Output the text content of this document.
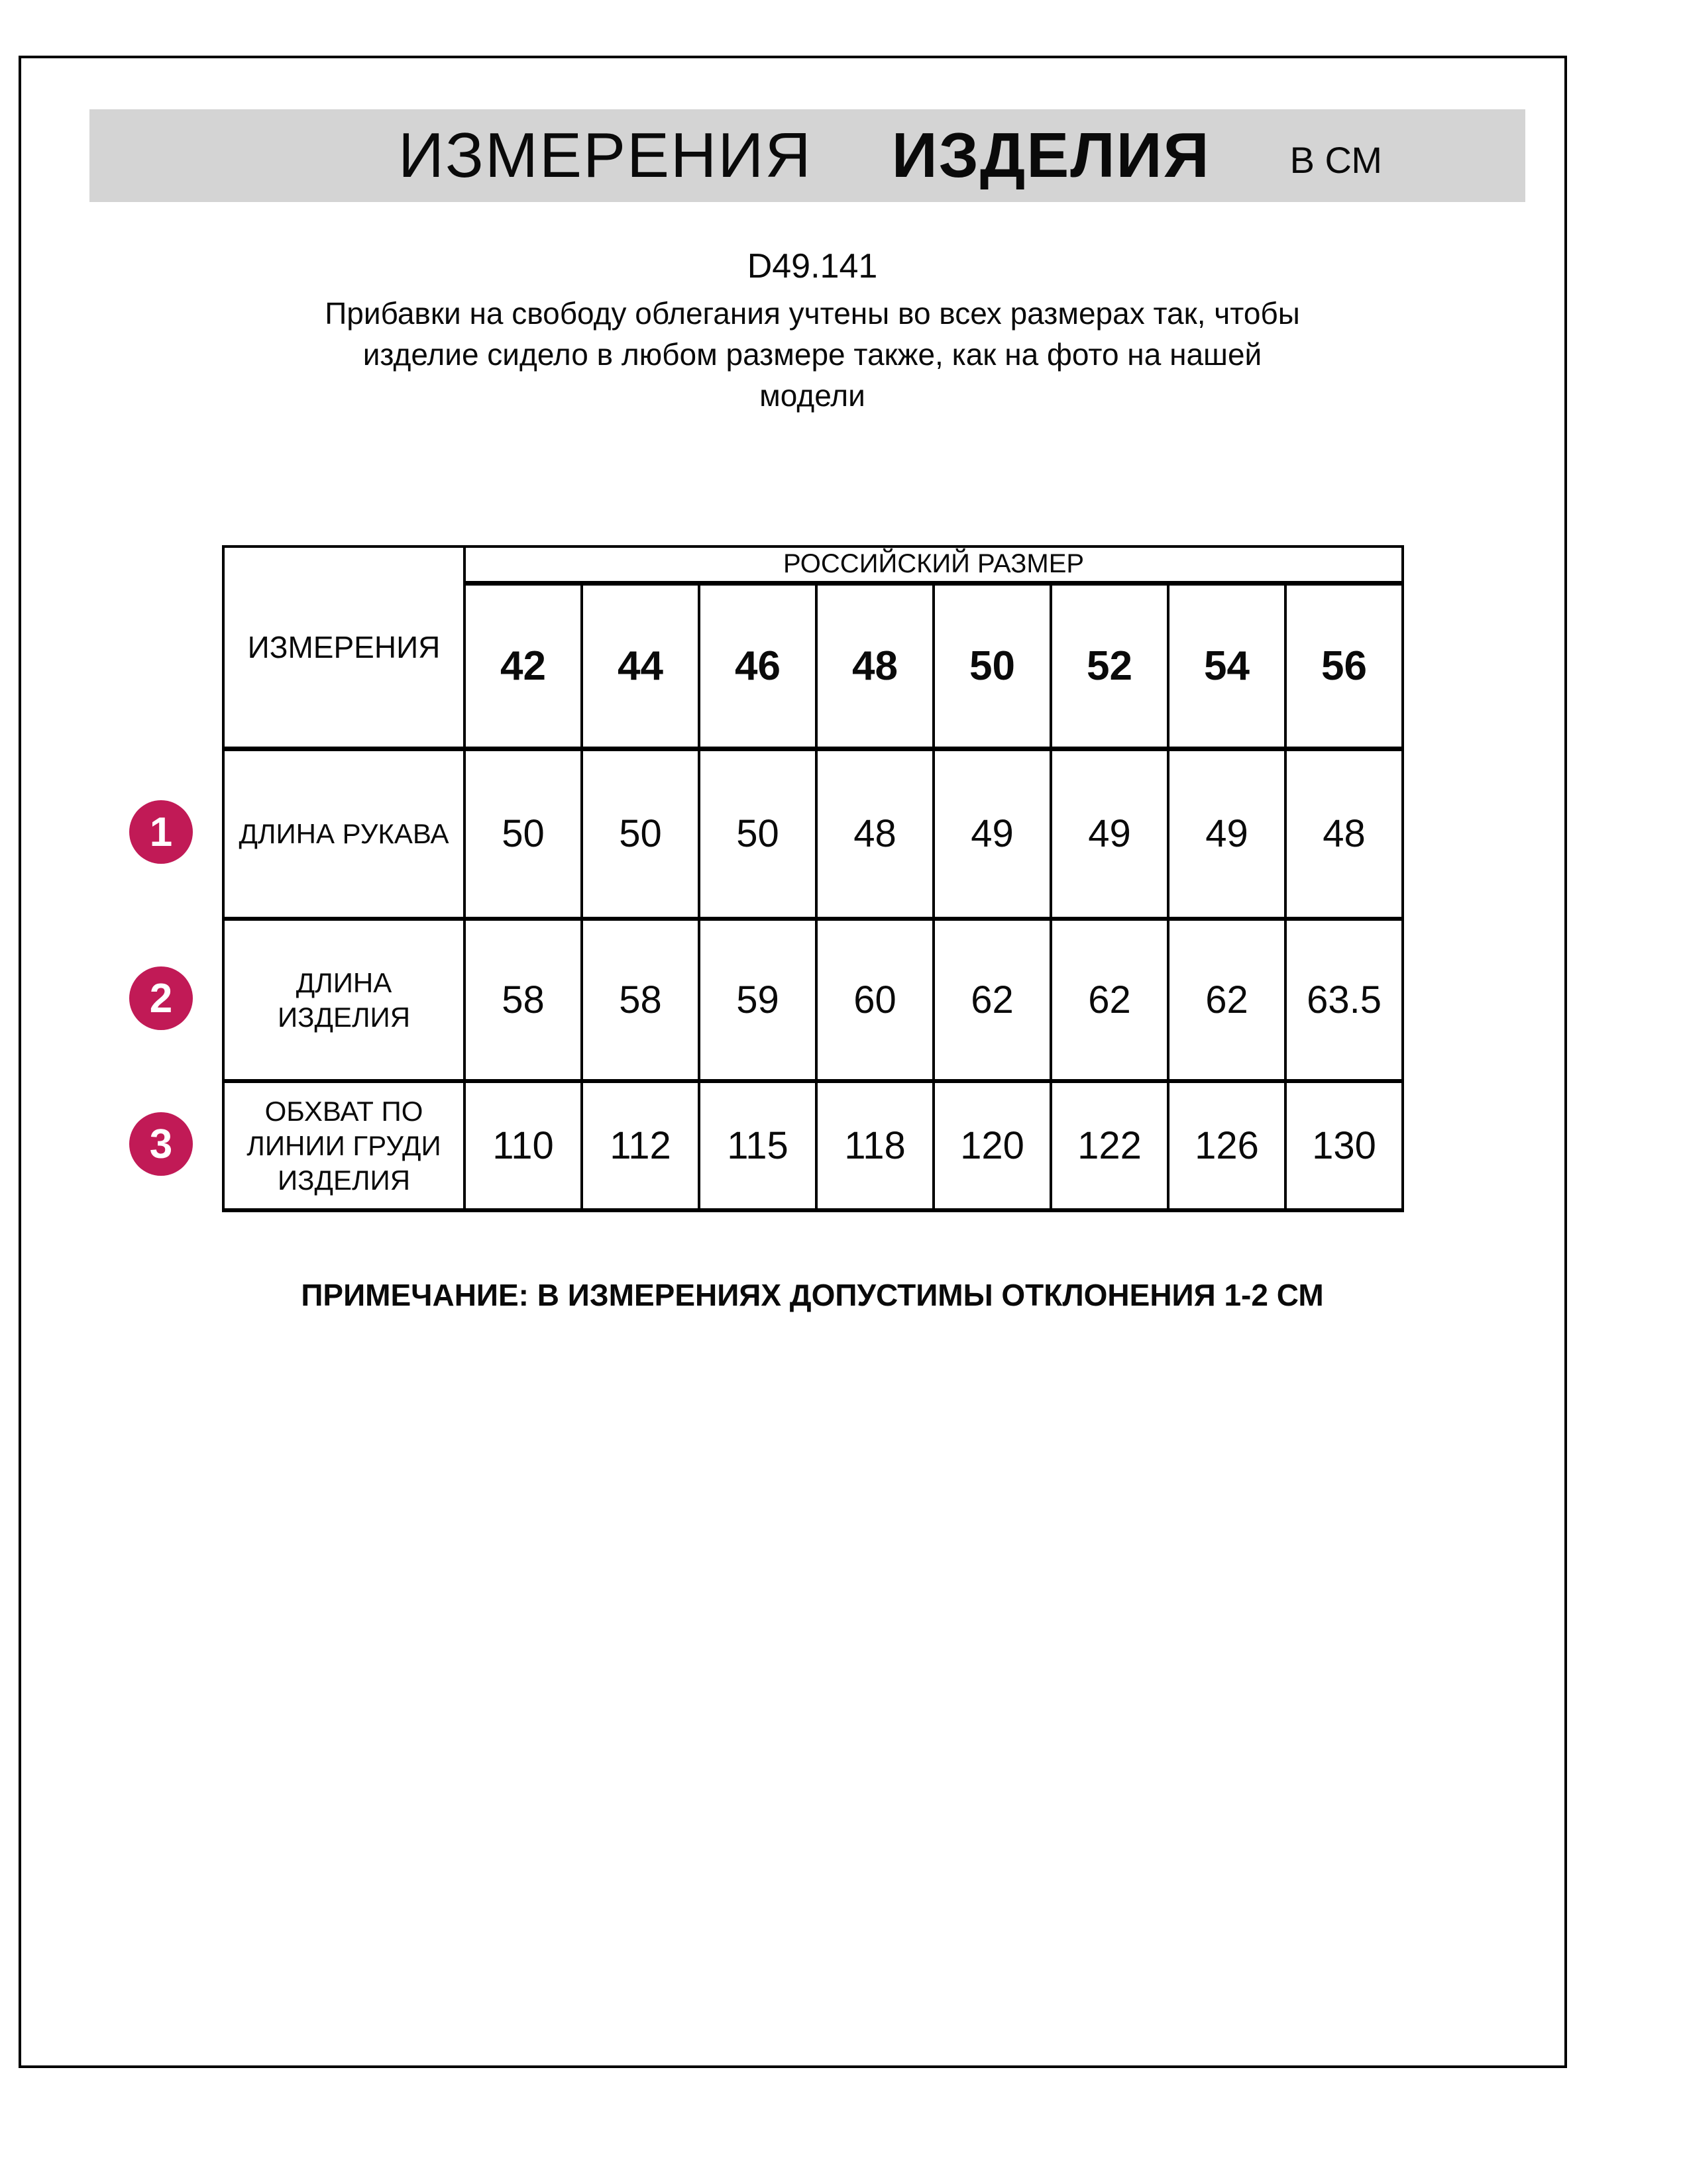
ИЗМЕРЕНИЯ ИЗДЕЛИЯ В СМ
D49.141
Прибавки на свободу облегания учтены во всех размерах так, чтобы
изделие сидело в любом размере также, как на фото на нашей
модели
ИЗМЕРЕНИЯ	РОССИЙСКИЙ РАЗМЕР							
	42	44	46	48	50	52	54	56

ДЛИНА РУКАВА	50	50	50	48	49	49	49	48

ДЛИНА
ИЗДЕЛИЯ	58	58	59	60	62	62	62	63.5

ОБХВАТ ПО
ЛИНИИ ГРУДИ
ИЗДЕЛИЯ	110	112	115	118	120	122	126	130
1
2
3
ПРИМЕЧАНИЕ: В ИЗМЕРЕНИЯХ ДОПУСТИМЫ ОТКЛОНЕНИЯ 1-2 СМ
